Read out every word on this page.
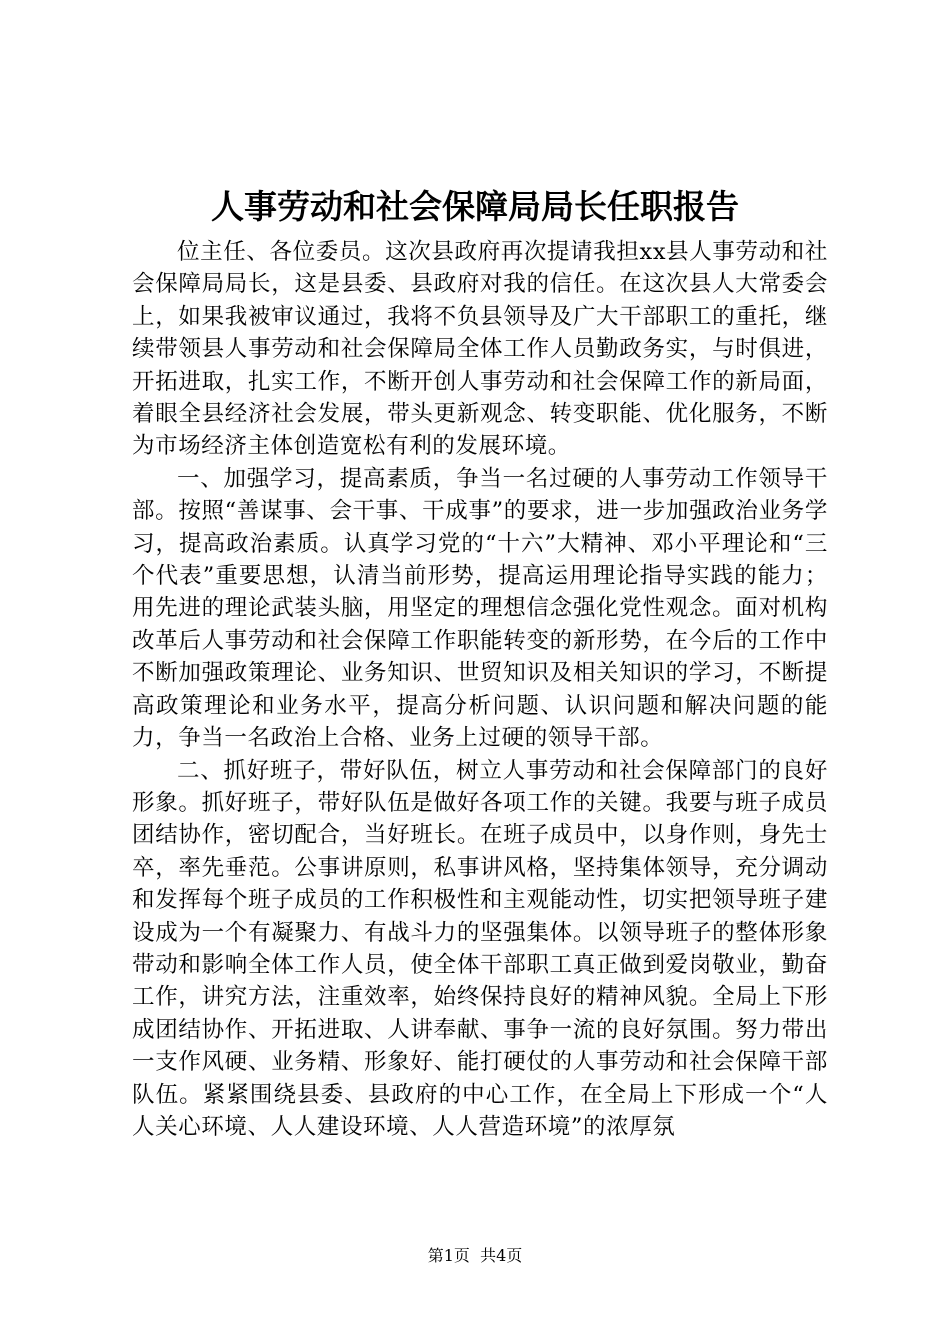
人事劳动和社会保障局局长任职报告

位主任、各位委员。这次县政府再次提请我担xx县人事劳动和社会保障局局长，这是县委、县政府对我的信任。在这次县人大常委会上，如果我被审议通过，我将不负县领导及广大干部职工的重托，继续带领县人事劳动和社会保障局全体工作人员勤政务实，与时俱进，开拓进取，扎实工作，不断开创人事劳动和社会保障工作的新局面，着眼全县经济社会发展，带头更新观念、转变职能、优化服务，不断为市场经济主体创造宽松有利的发展环境。

一、加强学习，提高素质，争当一名过硬的人事劳动工作领导干部。按照“善谋事、会干事、干成事”的要求，进一步加强政治业务学习，提高政治素质。认真学习党的“十六”大精神、邓小平理论和“三个代表”重要思想，认清当前形势，提高运用理论指导实践的能力；用先进的理论武装头脑，用坚定的理想信念强化党性观念。面对机构改革后人事劳动和社会保障工作职能转变的新形势，在今后的工作中不断加强政策理论、业务知识、世贸知识及相关知识的学习，不断提高政策理论和业务水平，提高分析问题、认识问题和解决问题的能力，争当一名政治上合格、业务上过硬的领导干部。

二、抓好班子，带好队伍，树立人事劳动和社会保障部门的良好形象。抓好班子，带好队伍是做好各项工作的关键。我要与班子成员团结协作，密切配合，当好班长。在班子成员中，以身作则，身先士卒，率先垂范。公事讲原则，私事讲风格，坚持集体领导，充分调动和发挥每个班子成员的工作积极性和主观能动性，切实把领导班子建设成为一个有凝聚力、有战斗力的坚强集体。以领导班子的整体形象带动和影响全体工作人员，使全体干部职工真正做到爱岗敬业，勤奋工作，讲究方法，注重效率，始终保持良好的精神风貌。全局上下形成团结协作、开拓进取、人讲奉献、事争一流的良好氛围。努力带出一支作风硬、业务精、形象好、能打硬仗的人事劳动和社会保障干部队伍。紧紧围绕县委、县政府的中心工作，在全局上下形成一个“人人关心环境、人人建设环境、人人营造环境”的浓厚氛

第1页  共4页
